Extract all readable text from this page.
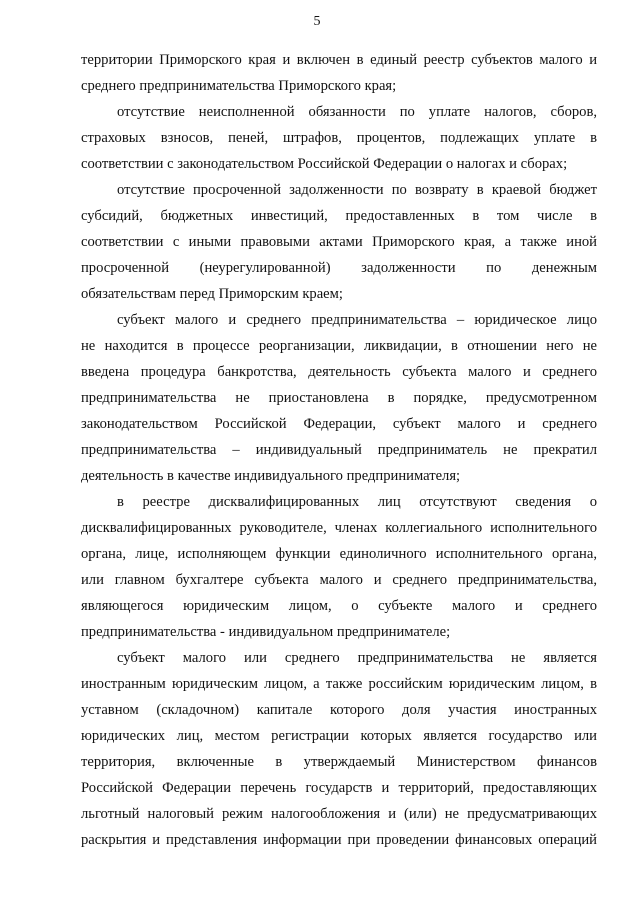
5
территории Приморского края и включен в единый реестр субъектов малого и
среднего предпринимательства Приморского края;
отсутствие неисполненной обязанности по уплате налогов, сборов,
страховых взносов, пеней, штрафов, процентов, подлежащих уплате в
соответствии с законодательством Российской Федерации о налогах и сборах;
отсутствие просроченной задолженности по возврату в краевой бюджет
субсидий, бюджетных инвестиций, предоставленных в том числе в
соответствии с иными правовыми актами Приморского края, а также иной
просроченной (неурегулированной) задолженности по денежным
обязательствам перед Приморским краем;
субъект малого и среднего предпринимательства – юридическое лицо
не находится в процессе реорганизации, ликвидации, в отношении него не
введена процедура банкротства, деятельность субъекта малого и среднего
предпринимательства не приостановлена в порядке, предусмотренном
законодательством Российской Федерации, субъект малого и среднего
предпринимательства – индивидуальный предприниматель не прекратил
деятельность в качестве индивидуального предпринимателя;
в реестре дисквалифицированных лиц отсутствуют сведения о
дисквалифицированных руководителе, членах коллегиального исполнительного
органа, лице, исполняющем функции единоличного исполнительного органа,
или главном бухгалтере субъекта малого и среднего предпринимательства,
являющегося юридическим лицом, о субъекте малого и среднего
предпринимательства - индивидуальном предпринимателе;
субъект малого или среднего предпринимательства не является
иностранным юридическим лицом, а также российским юридическим лицом, в
уставном (складочном) капитале которого доля участия иностранных
юридических лиц, местом регистрации которых является государство или
территория, включенные в утверждаемый Министерством финансов
Российской Федерации перечень государств и территорий, предоставляющих
льготный налоговый режим налогообложения и (или) не предусматривающих
раскрытия и представления информации при проведении финансовых операций
